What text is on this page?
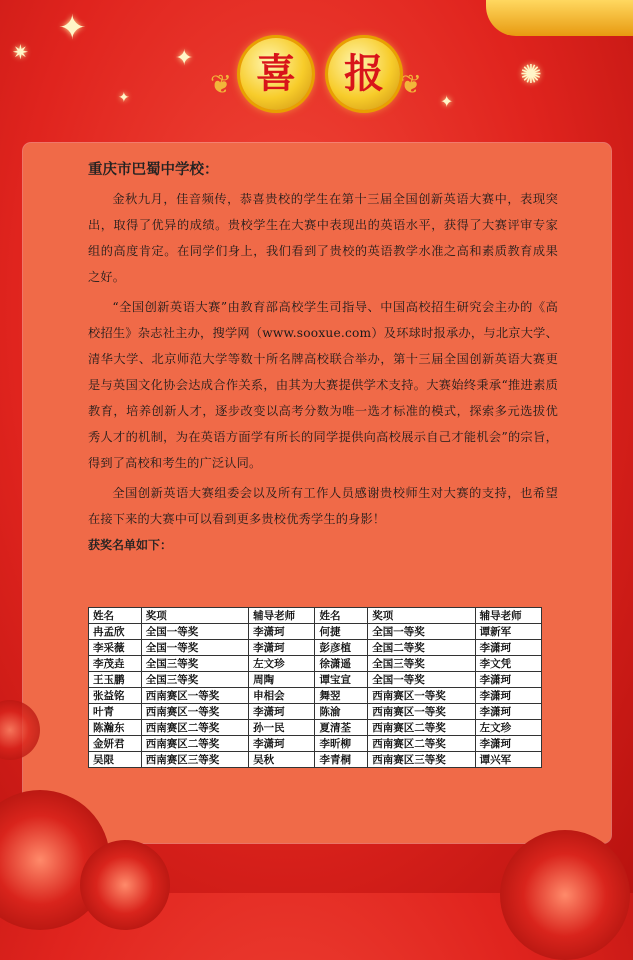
✦
✷	✦
✺
✦
✦	❦	❦
喜 报
重庆市巴蜀中学校：

金秋九月，佳音频传，恭喜贵校的学生在第十三届全国创新英语大赛中，表现突出，取得了优异的成绩。贵校学生在大赛中表现出的英语水平，获得了大赛评审专家组的高度肯定。在同学们身上，我们看到了贵校的英语教学水准之高和素质教育成果之好。

“全国创新英语大赛”由教育部高校学生司指导、中国高校招生研究会主办的《高校招生》杂志社主办，搜学网（www.sooxue.com）及环球时报承办，与北京大学、清华大学、北京师范大学等数十所名牌高校联合举办，第十三届全国创新英语大赛更是与英国文化协会达成合作关系，由其为大赛提供学术支持。大赛始终秉承“推进素质教育，培养创新人才，逐步改变以高考分数为唯一选才标准的模式，探索多元选拔优秀人才的机制，为在英语方面学有所长的同学提供向高校展示自己才能机会”的宗旨，得到了高校和考生的广泛认同。

全国创新英语大赛组委会以及所有工作人员感谢贵校师生对大赛的支持，也希望在接下来的大赛中可以看到更多贵校优秀学生的身影！

获奖名单如下：
姓名	奖项	辅导老师	姓名	奖项	辅导老师
冉孟欣	全国一等奖	李潇珂	何捷	全国一等奖	谭新军
李采薇	全国一等奖	李潇珂	彭彦植	全国二等奖	李潇珂
李茂垚	全国三等奖	左文珍	徐潇遥	全国三等奖	李文凭
王玉鹏	全国三等奖	周陶	谭宝宣	全国一等奖	李潇珂
张益铭	西南赛区一等奖	申相会	舞翌	西南赛区一等奖	李潇珂
叶青	西南赛区一等奖	李潇珂	陈渝	西南赛区一等奖	李潇珂
陈瀚东	西南赛区二等奖	孙一民	夏清荃	西南赛区二等奖	左文珍
金妍君	西南赛区二等奖	李潇珂	李昕柳	西南赛区二等奖	李潇珂
吴限	西南赛区三等奖	吴秋	李青桐	西南赛区三等奖	谭兴军
